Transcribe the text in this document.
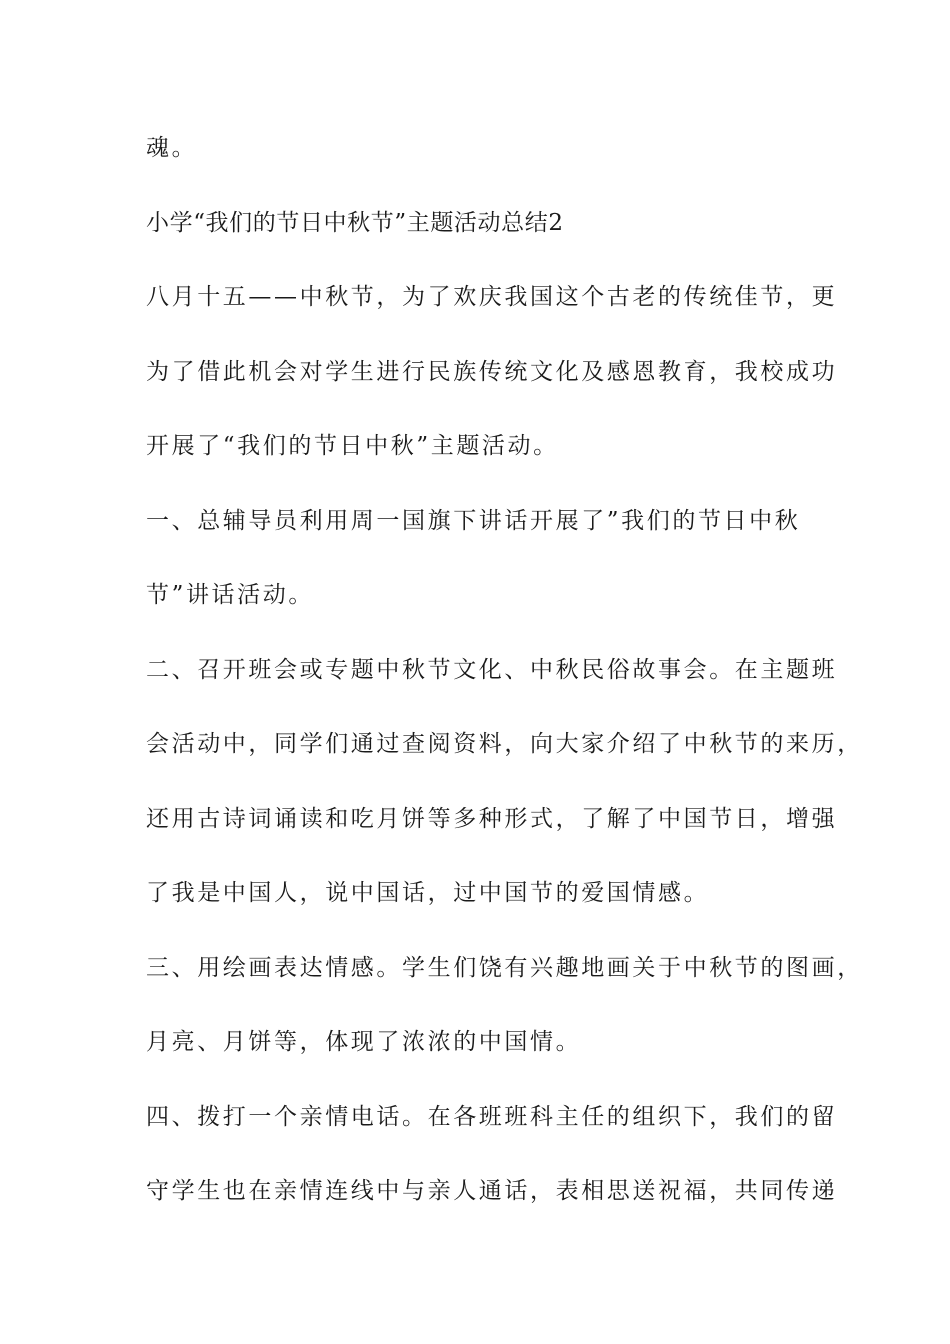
魂。
小学“我们的节日中秋节”主题活动总结2
八月十五——中秋节，为了欢庆我国这个古老的传统佳节，更
为了借此机会对学生进行民族传统文化及感恩教育，我校成功
开展了“我们的节日中秋”主题活动。
一、总辅导员利用周一国旗下讲话开展了”我们的节日中秋
节”讲话活动。
二、召开班会或专题中秋节文化、中秋民俗故事会。在主题班
会活动中，同学们通过查阅资料，向大家介绍了中秋节的来历，
还用古诗词诵读和吃月饼等多种形式，了解了中国节日，增强
了我是中国人，说中国话，过中国节的爱国情感。
三、用绘画表达情感。学生们饶有兴趣地画关于中秋节的图画，
月亮、月饼等，体现了浓浓的中国情。
四、拨打一个亲情电话。在各班班科主任的组织下，我们的留
守学生也在亲情连线中与亲人通话，表相思送祝福，共同传递
